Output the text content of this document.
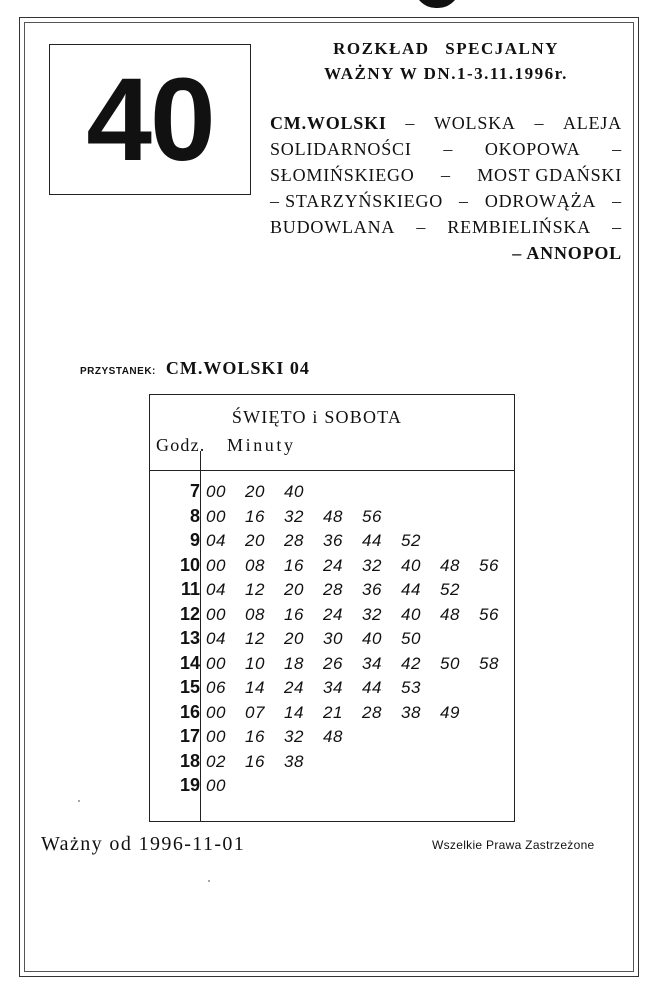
40
ROZKŁAD SPECJALNY
WAŻNY W DN.1-3.11.1996r.
CM.WOLSKI – WOLSKA – ALEJA
SOLIDARNOŚCI – OKOPOWA –
SŁOMIŃSKIEGO – MOST GDAŃSKI
– STARZYŃSKIEGO – ODROWĄŻA –
BUDOWLANA – REMBIELIŃSKA –
– ANNOPOL
PRZYSTANEK: CM.WOLSKI 04
ŚWIĘTO i SOBOTA
Godz. Minuty
7 00 20 40
8 00 16 32 48 56
9 04 20 28 36 44 52
10 00 08 16 24 32 40 48 56
11 04 12 20 28 36 44 52
12 00 08 16 24 32 40 48 56
13 04 12 20 30 40 50
14 00 10 18 26 34 42 50 58
15 06 14 24 34 44 53
16 00 07 14 21 28 38 49
17 00 16 32 48
18 02 16 38
19 00
Ważny od 1996-11-01	Wszelkie Prawa Zastrzeżone
